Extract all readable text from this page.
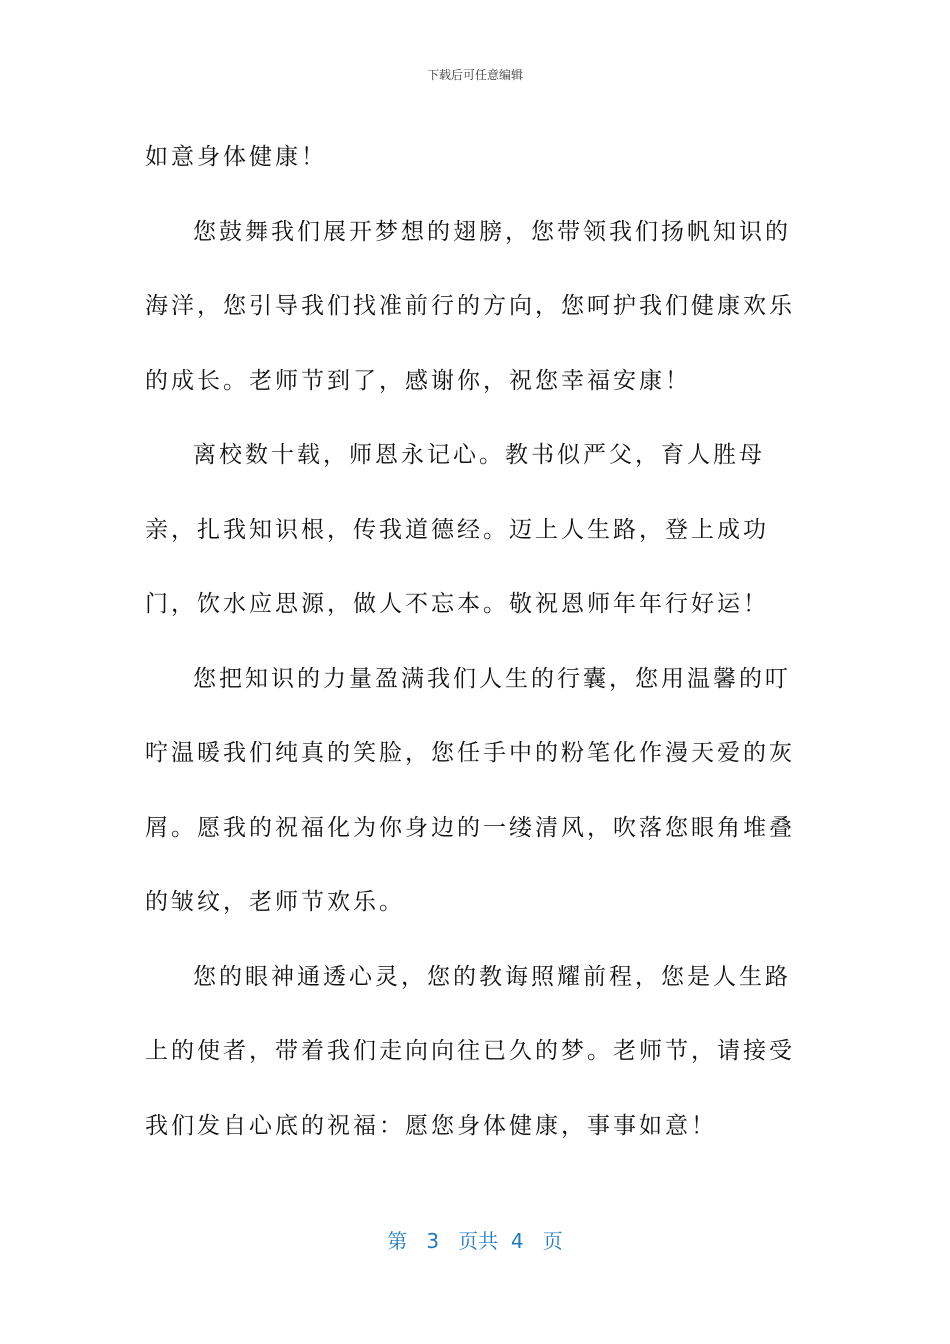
下载后可任意编辑

如意身体健康！

您鼓舞我们展开梦想的翅膀，您带领我们扬帆知识的海洋，您引导我们找准前行的方向，您呵护我们健康欢乐的成长。老师节到了，感谢你，祝您幸福安康！

离校数十载，师恩永记心。教书似严父，育人胜母亲，扎我知识根，传我道德经。迈上人生路，登上成功门，饮水应思源，做人不忘本。敬祝恩师年年行好运！

您把知识的力量盈满我们人生的行囊，您用温馨的叮咛温暖我们纯真的笑脸，您任手中的粉笔化作漫天爱的灰屑。愿我的祝福化为你身边的一缕清风，吹落您眼角堆叠的皱纹，老师节欢乐。

您的眼神通透心灵，您的教诲照耀前程，您是人生路上的使者，带着我们走向向往已久的梦。老师节，请接受我们发自心底的祝福：愿您身体健康，事事如意！

第 3 页共 4 页
